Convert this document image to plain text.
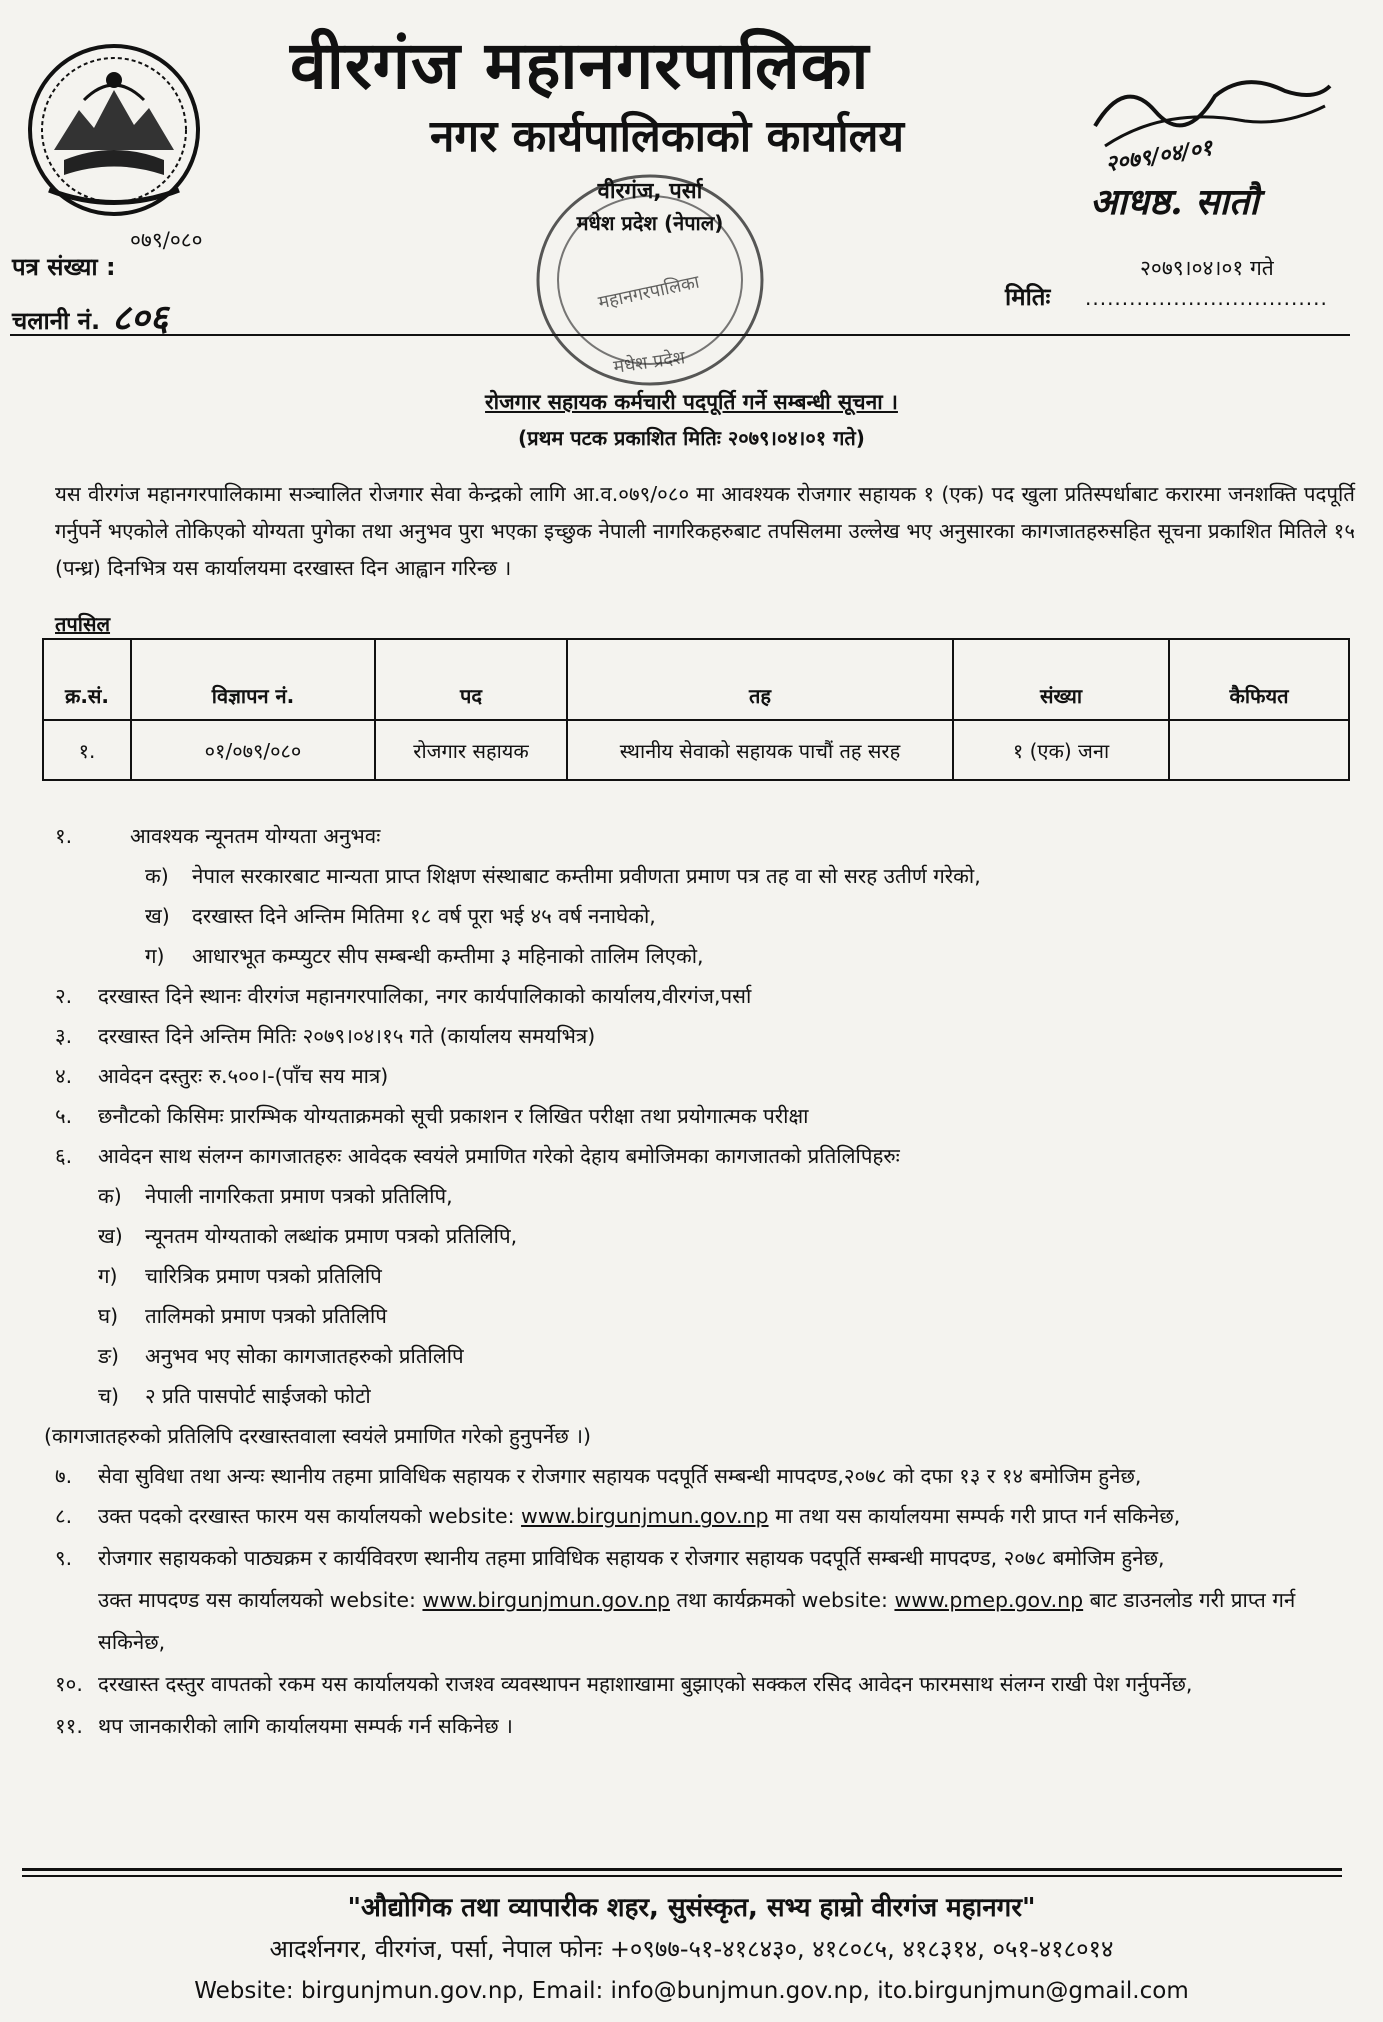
वीरगंज महानगरपालिका
नगर कार्यपालिकाको कार्यालय
वीरगंज, पर्सा
मधेश प्रदेश (नेपाल)
महानगरपालिका
मधेश प्रदेश
२०७९/०४/०१
आधष्ठ. सातौ
२०७९।०४।०१ गते
०७९/०८०
पत्र संख्या :
चलानी नं. ८०६	मितिः .................................
रोजगार सहायक कर्मचारी पदपूर्ति गर्ने सम्बन्धी सूचना ।
(प्रथम पटक प्रकाशित मितिः २०७९।०४।०१ गते)
यस वीरगंज महानगरपालिकामा सञ्चालित रोजगार सेवा केन्द्रको लागि आ.व.०७९/०८० मा आवश्यक रोजगार सहायक १ (एक) पद खुला प्रतिस्पर्धाबाट करारमा जनशक्ति पदपूर्ति गर्नुपर्ने भएकोले तोकिएको योग्यता पुगेका तथा अनुभव पुरा भएका इच्छुक नेपाली नागरिकहरुबाट तपसिलमा उल्लेख भए अनुसारका कागजातहरुसहित सूचना प्रकाशित मितिले १५ (पन्ध्र) दिनभित्र यस कार्यालयमा दरखास्त दिन आह्वान गरिन्छ ।
तपसिल
क्र.सं.	विज्ञापन नं.	पद	तह	संख्या	कैफियत
१.	०१/०७९/०८०	रोजगार सहायक	स्थानीय सेवाको सहायक पाचौं तह सरह	१ (एक) जना	
१.	आवश्यक न्यूनतम योग्यता अनुभवः
क) नेपाल सरकारबाट मान्यता प्राप्त शिक्षण संस्थाबाट कम्तीमा प्रवीणता प्रमाण पत्र तह वा सो सरह उतीर्ण गरेको,
ख) दरखास्त दिने अन्तिम मितिमा १८ वर्ष पूरा भई ४५ वर्ष ननाघेको,
ग) आधारभूत कम्प्युटर सीप सम्बन्धी कम्तीमा ३ महिनाको तालिम लिएको,
२. दरखास्त दिने स्थानः वीरगंज महानगरपालिका, नगर कार्यपालिकाको कार्यालय,वीरगंज,पर्सा
३. दरखास्त दिने अन्तिम मितिः २०७९।०४।१५ गते (कार्यालय समयभित्र)
४. आवेदन दस्तुरः रु.५००।-(पाँच सय मात्र)
५. छनौटको किसिमः प्रारम्भिक योग्यताक्रमको सूची प्रकाशन र लिखित परीक्षा तथा प्रयोगात्मक परीक्षा
६. आवेदन साथ संलग्न कागजातहरुः आवेदक स्वयंले प्रमाणित गरेको देहाय बमोजिमका कागजातको प्रतिलिपिहरुः
क) नेपाली नागरिकता प्रमाण पत्रको प्रतिलिपि,
ख) न्यूनतम योग्यताको लब्धांक प्रमाण पत्रको प्रतिलिपि,
ग) चारित्रिक प्रमाण पत्रको प्रतिलिपि
घ) तालिमको प्रमाण पत्रको प्रतिलिपि
ङ) अनुभव भए सोका कागजातहरुको प्रतिलिपि
च) २ प्रति पासपोर्ट साईजको फोटो
(कागजातहरुको प्रतिलिपि दरखास्तवाला स्वयंले प्रमाणित गरेको हुनुपर्नेछ ।)
७. सेवा सुविधा तथा अन्यः स्थानीय तहमा प्राविधिक सहायक र रोजगार सहायक पदपूर्ति सम्बन्धी मापदण्ड,२०७८ को दफा १३ र १४ बमोजिम हुनेछ,
८. उक्त पदको दरखास्त फारम यस कार्यालयको website: www.birgunjmun.gov.np मा तथा यस कार्यालयमा सम्पर्क गरी प्राप्त गर्न सकिनेछ,
९. रोजगार सहायकको पाठ्यक्रम र कार्यविवरण स्थानीय तहमा प्राविधिक सहायक र रोजगार सहायक पदपूर्ति सम्बन्धी मापदण्ड, २०७८ बमोजिम हुनेछ,
उक्त मापदण्ड यस कार्यालयको website: www.birgunjmun.gov.np तथा कार्यक्रमको website: www.pmep.gov.np बाट डाउनलोड गरी प्राप्त गर्न
सकिनेछ,
१०. दरखास्त दस्तुर वापतको रकम यस कार्यालयको राजश्व व्यवस्थापन महाशाखामा बुझाएको सक्कल रसिद आवेदन फारमसाथ संलग्न राखी पेश गर्नुपर्नेछ,
११. थप जानकारीको लागि कार्यालयमा सम्पर्क गर्न सकिनेछ ।
"औद्योगिक तथा व्यापारीक शहर, सुसंस्कृत, सभ्य हाम्रो वीरगंज महानगर"
आदर्शनगर, वीरगंज, पर्सा, नेपाल फोनः +०९७७-५१-४१८४३०, ४१८०८५, ४१८३१४, ०५१-४१८०१४
Website: birgunjmun.gov.np, Email: info@bunjmun.gov.np, ito.birgunjmun@gmail.com
